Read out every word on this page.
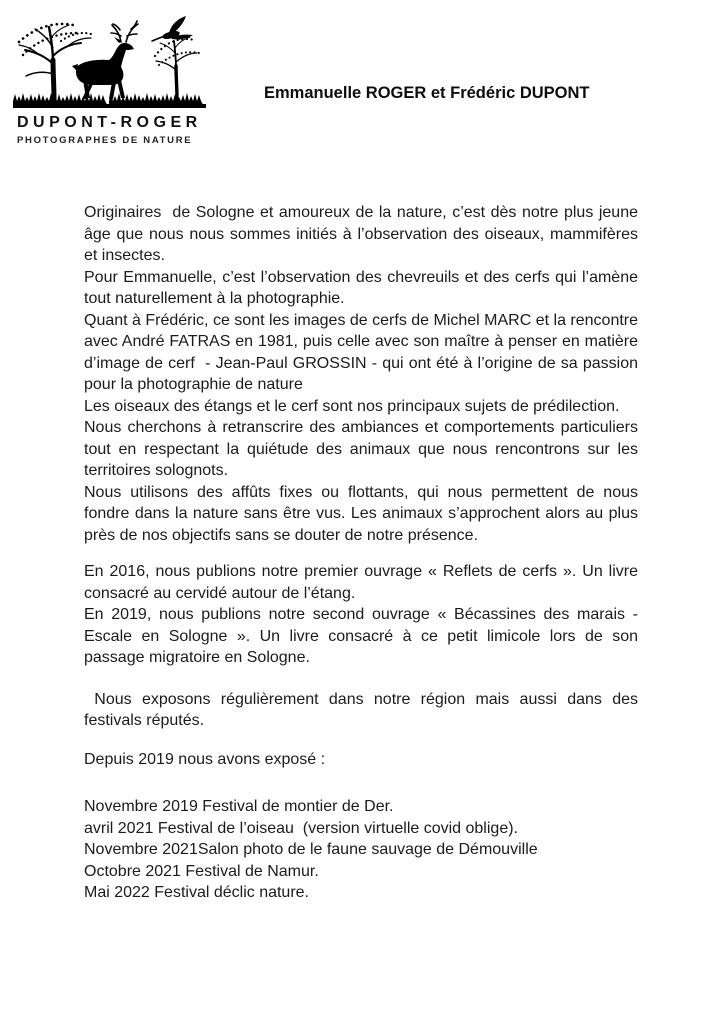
DUPONT-ROGER
PHOTOGRAPHES DE NATURE
Emmanuelle ROGER et Frédéric DUPONT

Originaires  de Sologne et amoureux de la nature, c’est dès notre plus jeune âge que nous nous sommes initiés à l’observation des oiseaux, mammifères et insectes.

Pour Emmanuelle, c’est l’observation des chevreuils et des cerfs qui l’amène tout naturellement à la photographie.

Quant à Frédéric, ce sont les images de cerfs de Michel MARC et la rencontre avec André FATRAS en 1981, puis celle avec son maître à penser en matière d’image de cerf  - Jean-Paul GROSSIN - qui ont été à l’origine de sa passion pour la photographie de nature

Les oiseaux des étangs et le cerf sont nos principaux sujets de prédilection.

Nous cherchons à retranscrire des ambiances et comportements particuliers tout en respectant la quiétude des animaux que nous rencontrons sur les territoires solognots.

Nous utilisons des affûts fixes ou flottants, qui nous permettent de nous fondre dans la nature sans être vus. Les animaux s’approchent alors au plus près de nos objectifs sans se douter de notre présence.

En 2016, nous publions notre premier ouvrage « Reflets de cerfs ». Un livre consacré au cervidé autour de l’étang.

En 2019, nous publions notre second ouvrage « Bécassines des marais - Escale en Sologne ». Un livre consacré à ce petit limicole lors de son passage migratoire en Sologne.

Nous exposons régulièrement dans notre région mais aussi dans des festivals réputés.

Depuis 2019 nous avons exposé :

Novembre 2019 Festival de montier de Der.
avril 2021 Festival de l’oiseau  (version virtuelle covid oblige).
Novembre 2021Salon photo de le faune sauvage de Démouville
Octobre 2021 Festival de Namur.
Mai 2022 Festival déclic nature.
